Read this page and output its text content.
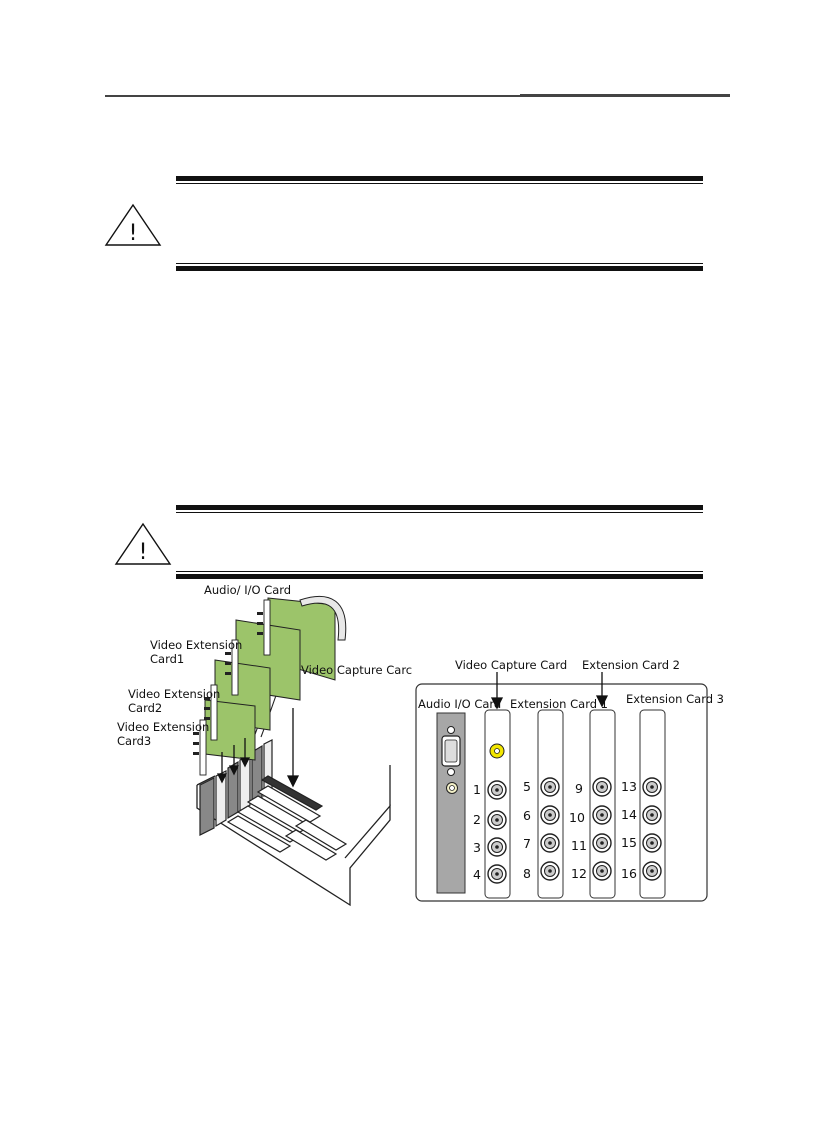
!
!
Audio/ I/O Card
Video Extension
Card1
Video Extension
Card2
Video Extension
Card3
Video Capture Carc	Video Capture Card Extension Card 2
Audio I/O Card Extension Card 1 Extension Card 3
1
2
3
4
5
6
7
8
9
10
11
12
13
14
15
16
